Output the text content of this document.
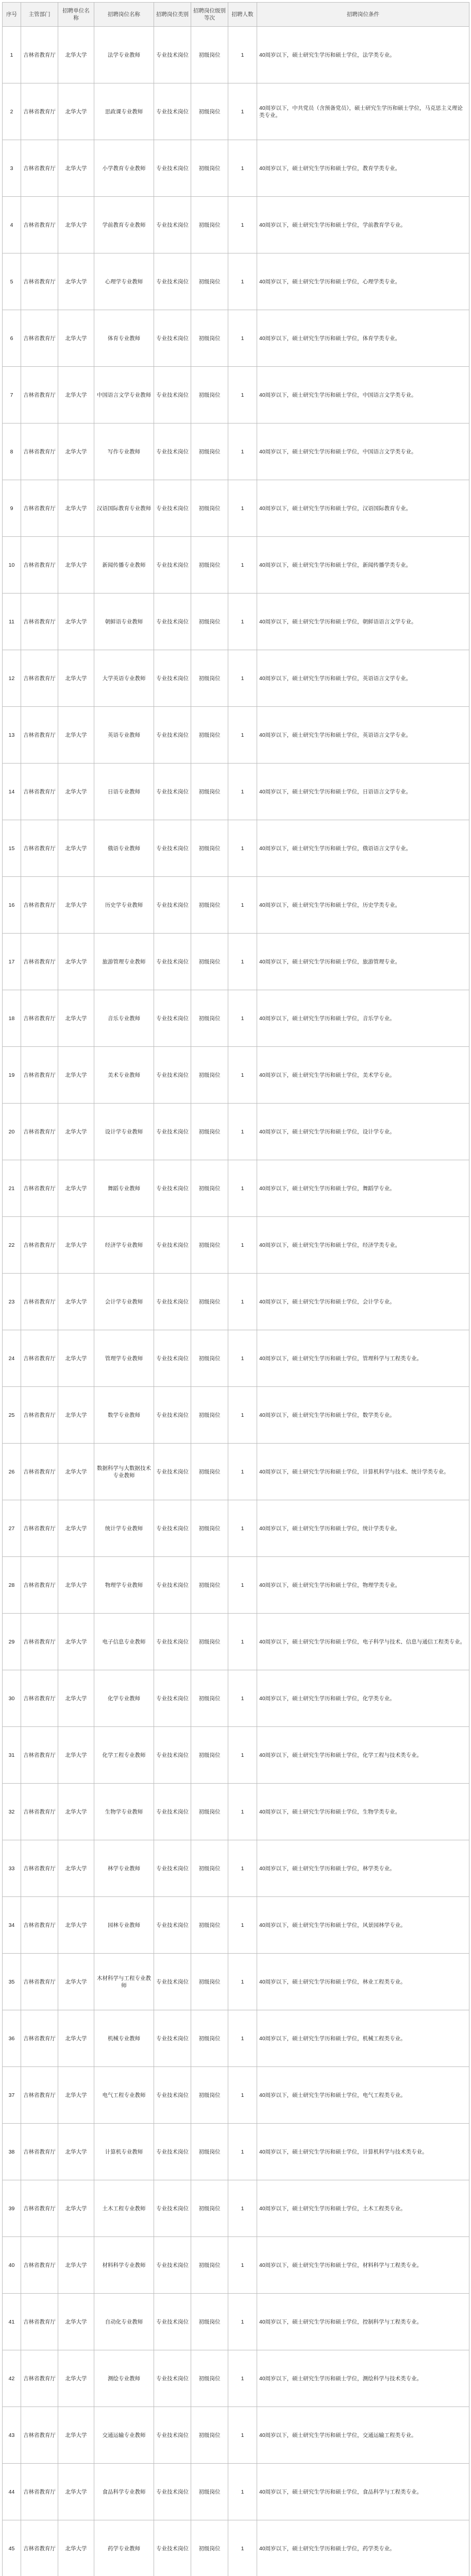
序号	主管部门	招聘单位名称	招聘岗位名称	招聘岗位类别	招聘岗位级别等次	招聘人数	招聘岗位条件
1	吉林省教育厅	北华大学	法学专业教师	专业技术岗位	初级岗位	1	40周岁以下，硕士研究生学历和硕士学位，法学类专业。
2	吉林省教育厅	北华大学	思政课专业教师	专业技术岗位	初级岗位	1	40周岁以下，中共党员（含预备党员），硕士研究生学历和硕士学位，马克思主义理论类专业。
3	吉林省教育厅	北华大学	小学教育专业教师	专业技术岗位	初级岗位	1	40周岁以下，硕士研究生学历和硕士学位，教育学类专业。
4	吉林省教育厅	北华大学	学前教育专业教师	专业技术岗位	初级岗位	1	40周岁以下，硕士研究生学历和硕士学位，学前教育学专业。
5	吉林省教育厅	北华大学	心理学专业教师	专业技术岗位	初级岗位	1	40周岁以下，硕士研究生学历和硕士学位，心理学类专业。
6	吉林省教育厅	北华大学	体育专业教师	专业技术岗位	初级岗位	1	40周岁以下，硕士研究生学历和硕士学位，体育学类专业。
7	吉林省教育厅	北华大学	中国语言文学专业教师	专业技术岗位	初级岗位	1	40周岁以下，硕士研究生学历和硕士学位，中国语言文学类专业。
8	吉林省教育厅	北华大学	写作专业教师	专业技术岗位	初级岗位	1	40周岁以下，硕士研究生学历和硕士学位，中国语言文学类专业。
9	吉林省教育厅	北华大学	汉语国际教育专业教师	专业技术岗位	初级岗位	1	40周岁以下，硕士研究生学历和硕士学位，汉语国际教育专业。
10	吉林省教育厅	北华大学	新闻传播专业教师	专业技术岗位	初级岗位	1	40周岁以下，硕士研究生学历和硕士学位，新闻传播学类专业。
11	吉林省教育厅	北华大学	朝鲜语专业教师	专业技术岗位	初级岗位	1	40周岁以下，硕士研究生学历和硕士学位，朝鲜语语言文学专业。
12	吉林省教育厅	北华大学	大学英语专业教师	专业技术岗位	初级岗位	1	40周岁以下，硕士研究生学历和硕士学位，英语语言文学专业。
13	吉林省教育厅	北华大学	英语专业教师	专业技术岗位	初级岗位	1	40周岁以下，硕士研究生学历和硕士学位，英语语言文学专业。
14	吉林省教育厅	北华大学	日语专业教师	专业技术岗位	初级岗位	1	40周岁以下，硕士研究生学历和硕士学位，日语语言文学专业。
15	吉林省教育厅	北华大学	俄语专业教师	专业技术岗位	初级岗位	1	40周岁以下，硕士研究生学历和硕士学位，俄语语言文学专业。
16	吉林省教育厅	北华大学	历史学专业教师	专业技术岗位	初级岗位	1	40周岁以下，硕士研究生学历和硕士学位，历史学类专业。
17	吉林省教育厅	北华大学	旅游管理专业教师	专业技术岗位	初级岗位	1	40周岁以下，硕士研究生学历和硕士学位，旅游管理专业。
18	吉林省教育厅	北华大学	音乐专业教师	专业技术岗位	初级岗位	1	40周岁以下，硕士研究生学历和硕士学位，音乐学专业。
19	吉林省教育厅	北华大学	美术专业教师	专业技术岗位	初级岗位	1	40周岁以下，硕士研究生学历和硕士学位，美术学专业。
20	吉林省教育厅	北华大学	设计学专业教师	专业技术岗位	初级岗位	1	40周岁以下，硕士研究生学历和硕士学位，设计学专业。
21	吉林省教育厅	北华大学	舞蹈专业教师	专业技术岗位	初级岗位	1	40周岁以下，硕士研究生学历和硕士学位，舞蹈学专业。
22	吉林省教育厅	北华大学	经济学专业教师	专业技术岗位	初级岗位	1	40周岁以下，硕士研究生学历和硕士学位，经济学类专业。
23	吉林省教育厅	北华大学	会计学专业教师	专业技术岗位	初级岗位	1	40周岁以下，硕士研究生学历和硕士学位，会计学专业。
24	吉林省教育厅	北华大学	管理学专业教师	专业技术岗位	初级岗位	1	40周岁以下，硕士研究生学历和硕士学位，管理科学与工程类专业。
25	吉林省教育厅	北华大学	数学专业教师	专业技术岗位	初级岗位	1	40周岁以下，硕士研究生学历和硕士学位，数学类专业。
26	吉林省教育厅	北华大学	数据科学与大数据技术专业教师	专业技术岗位	初级岗位	1	40周岁以下，硕士研究生学历和硕士学位，计算机科学与技术、统计学类专业。
27	吉林省教育厅	北华大学	统计学专业教师	专业技术岗位	初级岗位	1	40周岁以下，硕士研究生学历和硕士学位，统计学类专业。
28	吉林省教育厅	北华大学	物理学专业教师	专业技术岗位	初级岗位	1	40周岁以下，硕士研究生学历和硕士学位，物理学类专业。
29	吉林省教育厅	北华大学	电子信息专业教师	专业技术岗位	初级岗位	1	40周岁以下，硕士研究生学历和硕士学位，电子科学与技术、信息与通信工程类专业。
30	吉林省教育厅	北华大学	化学专业教师	专业技术岗位	初级岗位	1	40周岁以下，硕士研究生学历和硕士学位，化学类专业。
31	吉林省教育厅	北华大学	化学工程专业教师	专业技术岗位	初级岗位	1	40周岁以下，硕士研究生学历和硕士学位，化学工程与技术类专业。
32	吉林省教育厅	北华大学	生物学专业教师	专业技术岗位	初级岗位	1	40周岁以下，硕士研究生学历和硕士学位，生物学类专业。
33	吉林省教育厅	北华大学	林学专业教师	专业技术岗位	初级岗位	1	40周岁以下，硕士研究生学历和硕士学位，林学类专业。
34	吉林省教育厅	北华大学	园林专业教师	专业技术岗位	初级岗位	1	40周岁以下，硕士研究生学历和硕士学位，风景园林学专业。
35	吉林省教育厅	北华大学	木材科学与工程专业教师	专业技术岗位	初级岗位	1	40周岁以下，硕士研究生学历和硕士学位，林业工程类专业。
36	吉林省教育厅	北华大学	机械专业教师	专业技术岗位	初级岗位	1	40周岁以下，硕士研究生学历和硕士学位，机械工程类专业。
37	吉林省教育厅	北华大学	电气工程专业教师	专业技术岗位	初级岗位	1	40周岁以下，硕士研究生学历和硕士学位，电气工程类专业。
38	吉林省教育厅	北华大学	计算机专业教师	专业技术岗位	初级岗位	1	40周岁以下，硕士研究生学历和硕士学位，计算机科学与技术类专业。
39	吉林省教育厅	北华大学	土木工程专业教师	专业技术岗位	初级岗位	1	40周岁以下，硕士研究生学历和硕士学位，土木工程类专业。
40	吉林省教育厅	北华大学	材料科学专业教师	专业技术岗位	初级岗位	1	40周岁以下，硕士研究生学历和硕士学位，材料科学与工程类专业。
41	吉林省教育厅	北华大学	自动化专业教师	专业技术岗位	初级岗位	1	40周岁以下，硕士研究生学历和硕士学位，控制科学与工程类专业。
42	吉林省教育厅	北华大学	测绘专业教师	专业技术岗位	初级岗位	1	40周岁以下，硕士研究生学历和硕士学位，测绘科学与技术类专业。
43	吉林省教育厅	北华大学	交通运输专业教师	专业技术岗位	初级岗位	1	40周岁以下，硕士研究生学历和硕士学位，交通运输工程类专业。
44	吉林省教育厅	北华大学	食品科学专业教师	专业技术岗位	初级岗位	1	40周岁以下，硕士研究生学历和硕士学位，食品科学与工程类专业。
45	吉林省教育厅	北华大学	药学专业教师	专业技术岗位	初级岗位	1	40周岁以下，硕士研究生学历和硕士学位，药学类专业。
